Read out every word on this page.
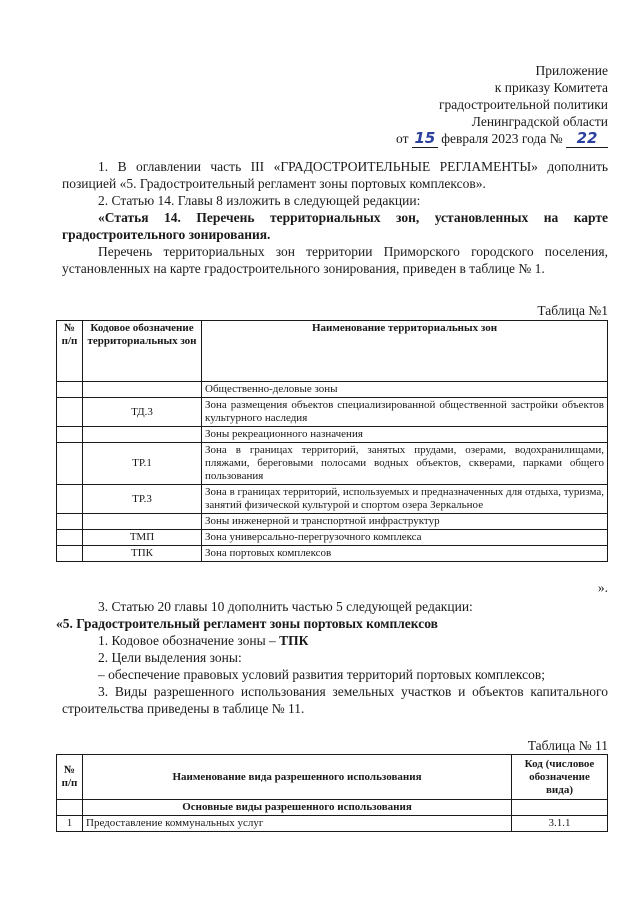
Приложение
к приказу Комитета
градостроительной политики
Ленинградской области
от 15 февраля 2023 года № 22

1. В оглавлении часть III «ГРАДОСТРОИТЕЛЬНЫЕ РЕГЛАМЕНТЫ» дополнить позицией «5. Градостроительный регламент зоны портовых комплексов».

2. Статью 14. Главы 8 изложить в следующей редакции:

«Статья 14. Перечень территориальных зон, установленных на карте градостроительного зонирования.

Перечень территориальных зон территории Приморского городского поселения, установленных на карте градостроительного зонирования, приведен в таблице № 1.

Таблица №1
№ п/п	Кодовое обозначение территориальных зон	Наименование территориальных зон
		Общественно-деловые зоны
	ТД.3	Зона размещения объектов специализированной общественной застройки объектов культурного наследия
		Зоны рекреационного назначения
	ТР.1	Зона в границах территорий, занятых прудами, озерами, водохранилищами, пляжами, береговыми полосами водных объектов, скверами, парками общего пользования
	ТР.3	Зона в границах территорий, используемых и предназначенных для отдыха, туризма, занятий физической культурой и спортом озера Зеркальное
		Зоны инженерной и транспортной инфраструктур
	ТМП	Зона универсально-перегрузочного комплекса
	ТПК	Зона портовых комплексов
».

3. Статью 20 главы 10 дополнить частью 5 следующей редакции:

«5. Градостроительный регламент зоны портовых комплексов

1. Кодовое обозначение зоны – ТПК

2. Цели выделения зоны:

– обеспечение правовых условий развития территорий портовых комплексов;

3. Виды разрешенного использования земельных участков и объектов капитального строительства приведены в таблице № 11.

Таблица № 11
№ п/п	Наименование вида разрешенного использования	Код (числовое обозначение вида)
	Основные виды разрешенного использования	
1	Предоставление коммунальных услуг	3.1.1
